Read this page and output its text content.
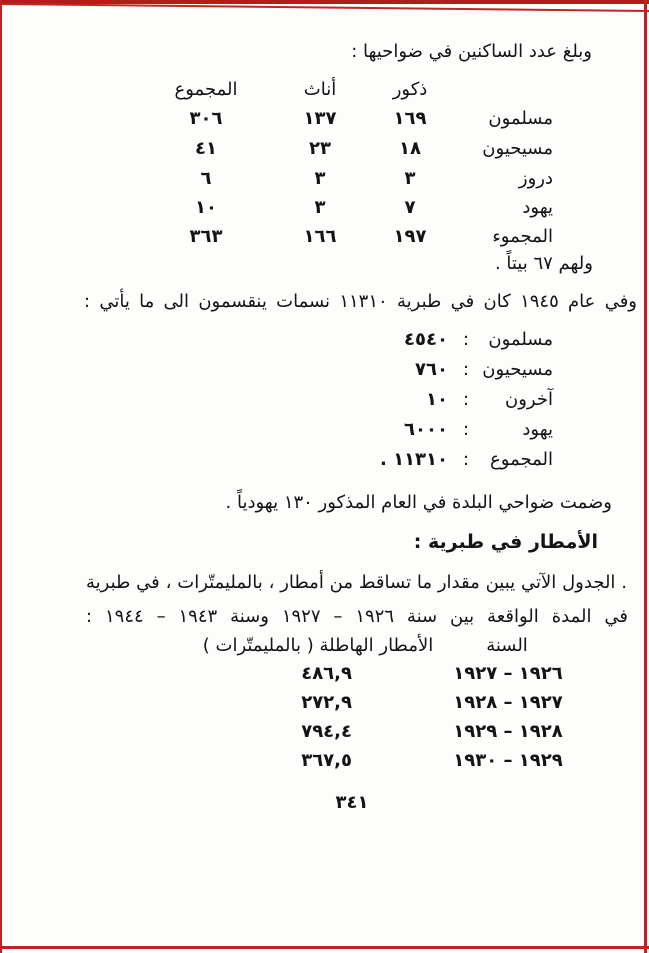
وبلغ عدد الساكنين في ضواحيها :
ذكور
أناث
المجموع
مسلمون
١٦٩
١٣٧
٣٠٦
مسيحيون
١٨
٢٣
٤١
دروز
٣
٣
٦
يهود
٧
٣
١٠
المجموء
١٩٧
١٦٦
٣٦٣
ولهم ٦٧ بيتاً .
وفي عام ١٩٤٥ كان في طبرية ١١٣١٠ نسمات ينقسمون الى ما يأتي :
مسلمون
:
٤٥٤٠
مسيحيون
:
٧٦٠
آخرون
:
١٠
يهود
:
٦٠٠٠
المجموع
:
١١٣١٠ .
وضمت ضواحي البلدة في العام المذكور ١٣٠ يهودياً .
الأمطار في طبرية :
. الجدول الآتي يبين مقدار ما تساقط من أمطار ، بالمليمتّرات ، في طبرية
في المدة الواقعة بين سنة ١٩٢٦ – ١٩٢٧ وسنة ١٩٤٣ – ١٩٤٤ :
السنة
الأمطار الهاطلة ( بالمليمتّرات )
١٩٢٦ – ١٩٢٧
٤٨٦,٩
١٩٢٧ – ١٩٢٨
٢٧٢,٩
١٩٢٨ – ١٩٢٩
٧٩٤,٤
١٩٢٩ – ١٩٣٠
٣٦٧,٥
٣٤١
